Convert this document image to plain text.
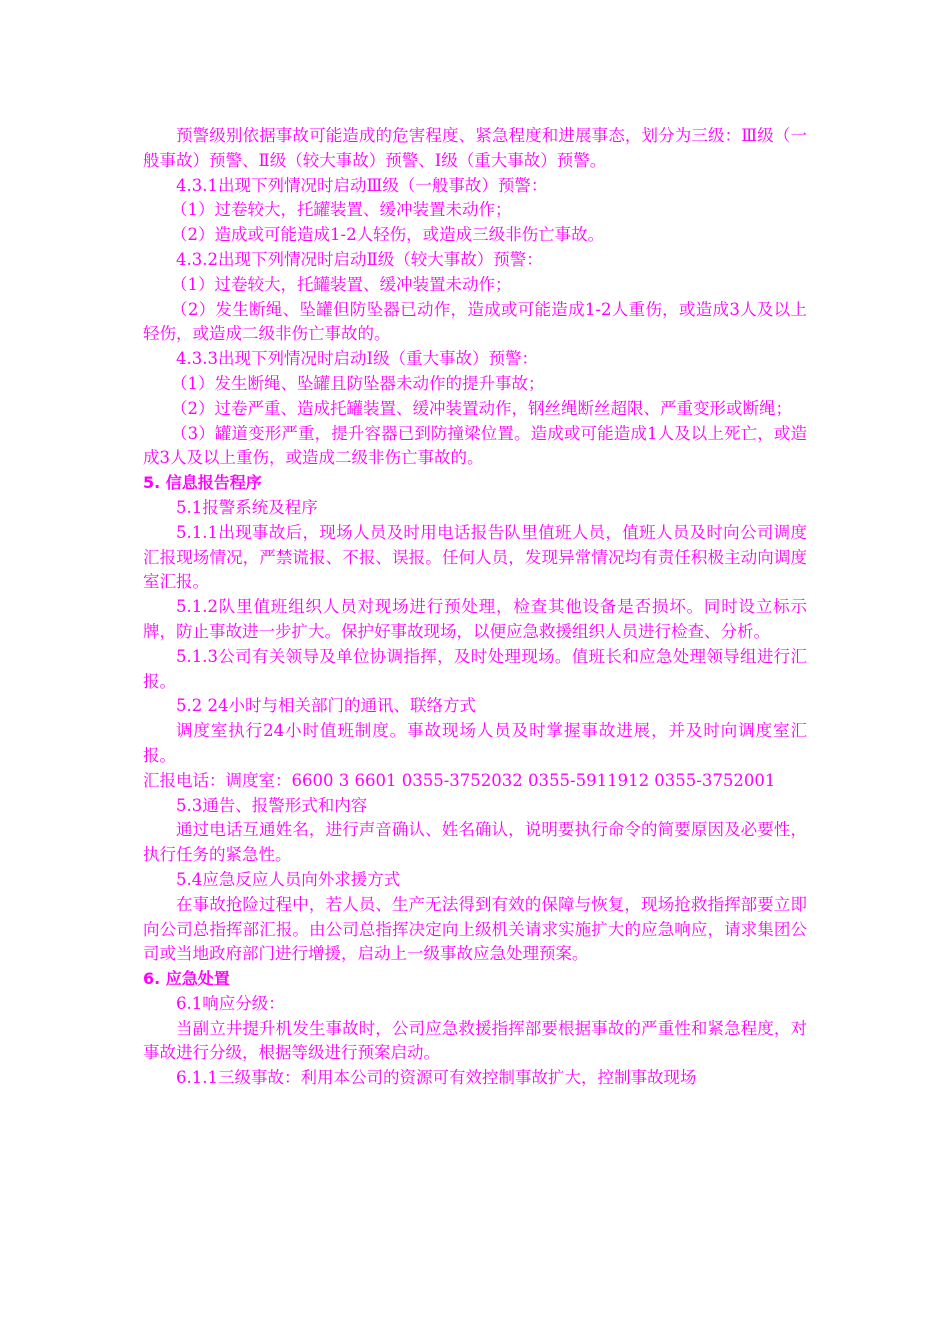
预警级别依据事故可能造成的危害程度、紧急程度和进展事态，划分为三级：Ⅲ级（一般事故）预警、Ⅱ级（较大事故）预警、Ⅰ级（重大事故）预警。

4.3.1出现下列情况时启动Ⅲ级（一般事故）预警：

（1）过卷较大，托罐装置、缓冲装置未动作；

（2）造成或可能造成1-2人轻伤，或造成三级非伤亡事故。

4.3.2出现下列情况时启动Ⅱ级（较大事故）预警：

（1）过卷较大，托罐装置、缓冲装置未动作；

（2）发生断绳、坠罐但防坠器已动作，造成或可能造成1-2人重伤，或造成3人及以上轻伤，或造成二级非伤亡事故的。

4.3.3出现下列情况时启动Ⅰ级（重大事故）预警：

（1）发生断绳、坠罐且防坠器未动作的提升事故；

（2）过卷严重、造成托罐装置、缓冲装置动作，钢丝绳断丝超限、严重变形或断绳；

（3）罐道变形严重，提升容器已到防撞梁位置。造成或可能造成1人及以上死亡，或造成3人及以上重伤，或造成二级非伤亡事故的。

5. 信息报告程序

5.1报警系统及程序

5.1.1出现事故后，现场人员及时用电话报告队里值班人员，值班人员及时向公司调度汇报现场情况，严禁谎报、不报、误报。任何人员，发现异常情况均有责任积极主动向调度室汇报。

5.1.2队里值班组织人员对现场进行预处理，检查其他设备是否损坏。同时设立标示牌，防止事故进一步扩大。保护好事故现场，以便应急救援组织人员进行检查、分析。

5.1.3公司有关领导及单位协调指挥，及时处理现场。值班长和应急处理领导组进行汇报。

5.2 24小时与相关部门的通讯、联络方式

调度室执行24小时值班制度。事故现场人员及时掌握事故进展，并及时向调度室汇报。

汇报电话：调度室：6600 3 6601 0355-3752032 0355-5911912 0355-3752001

5.3通告、报警形式和内容

通过电话互通姓名，进行声音确认、姓名确认，说明要执行命令的简要原因及必要性，执行任务的紧急性。

5.4应急反应人员向外求援方式

在事故抢险过程中，若人员、生产无法得到有效的保障与恢复，现场抢救指挥部要立即向公司总指挥部汇报。由公司总指挥决定向上级机关请求实施扩大的应急响应，请求集团公司或当地政府部门进行增援，启动上一级事故应急处理预案。

6. 应急处置

6.1响应分级：

当副立井提升机发生事故时，公司应急救援指挥部要根据事故的严重性和紧急程度，对事故进行分级，根据等级进行预案启动。

6.1.1三级事故：利用本公司的资源可有效控制事故扩大，控制事故现场
